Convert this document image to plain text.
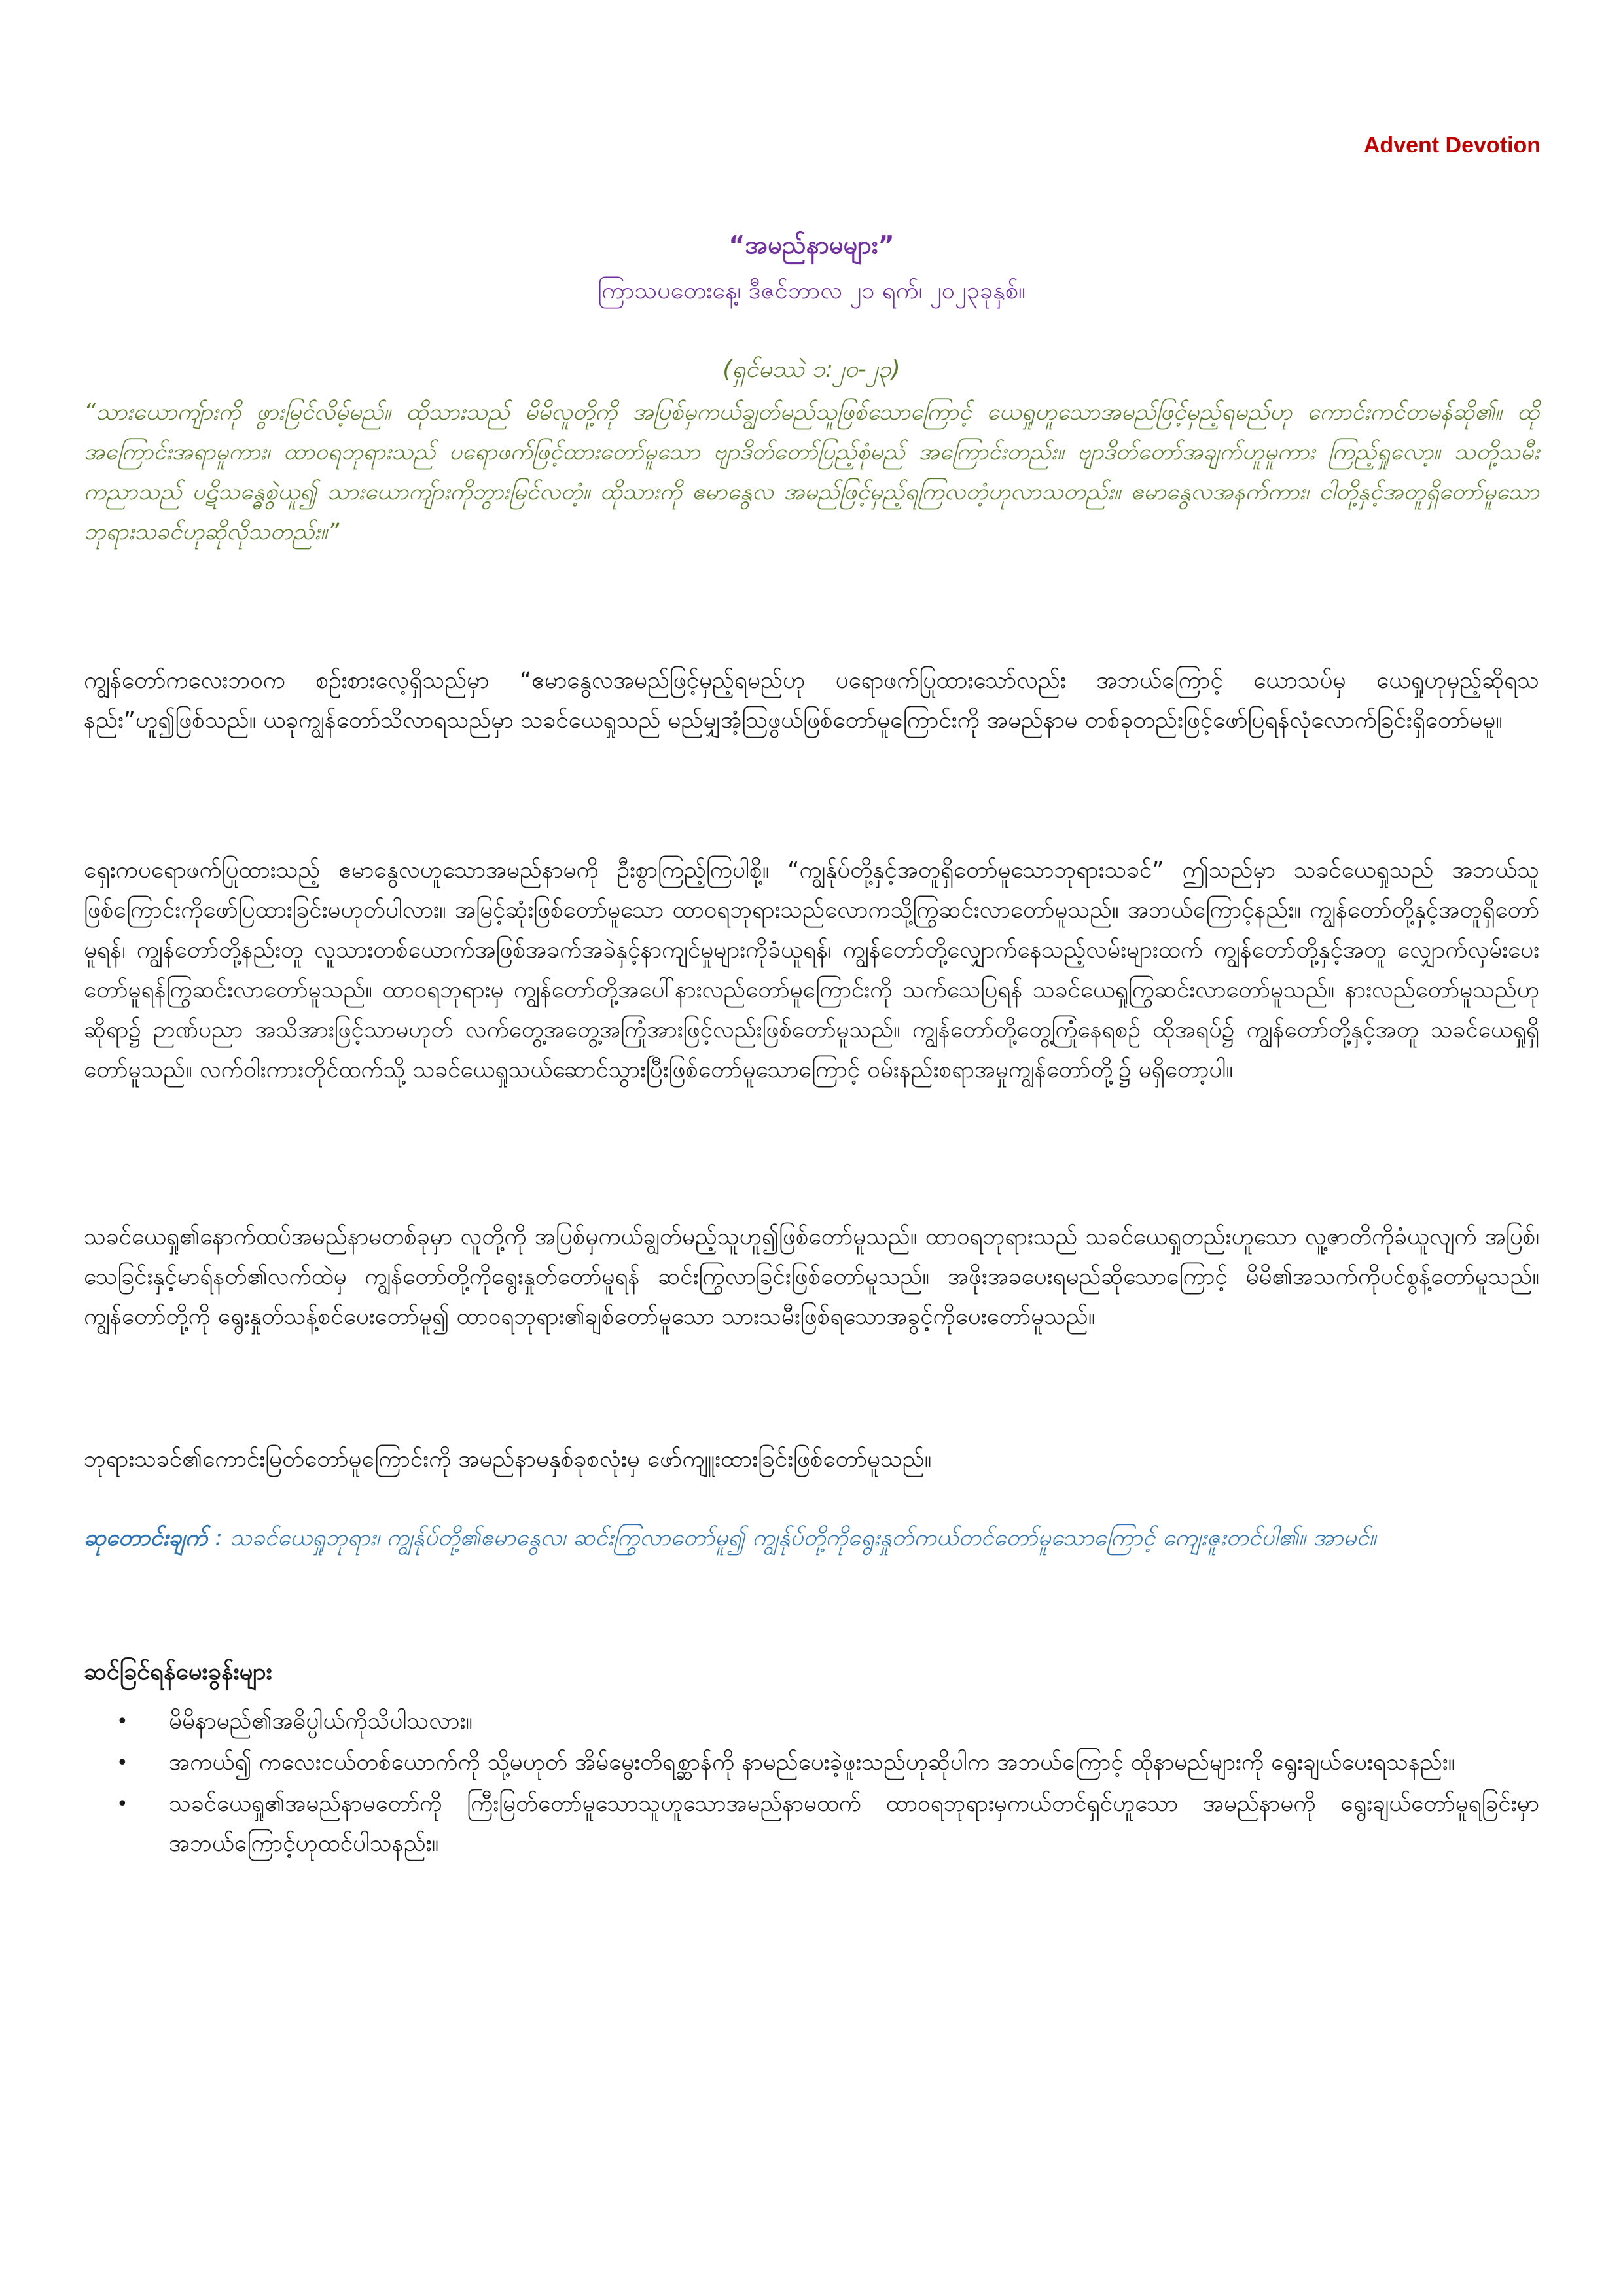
Advent Devotion
“အမည်နာမများ”
ကြာသပတေးနေ့၊ ဒီဇင်ဘာလ ၂၁ ရက်၊ ၂၀၂၃ခုနှစ်။
(ရှင်မဿဲ ၁:၂၀-၂၃)
“သားယောကျ်ားကို ဖွားမြင်လိမ့်မည်။ ထိုသားသည် မိမိလူတို့ကို အပြစ်မှကယ်ချွတ်မည်သူဖြစ်သောကြောင့် ယေရှုဟူသောအမည်ဖြင့်မှည့်ရမည်ဟု ကောင်းကင်တမန်ဆို၏။ ထိုအကြောင်းအရာမူကား၊ ထာဝရဘုရားသည် ပရောဖက်ဖြင့်ထားတော်မူသော ဗျာဒိတ်တော်ပြည့်စုံမည် အကြောင်းတည်း။ ဗျာဒိတ်တော်အချက်ဟူမူကား ကြည့်ရှုလော့။ သတို့သမီးကညာသည် ပဋိသန္ဓေစွဲယူ၍ သားယောကျ်ားကိုဘွားမြင်လတံ့။ ထိုသားကို ဧမာနွေလ အမည်ဖြင့်မှည့်ရကြလတံ့ဟုလာသတည်း။ ဧမာနွေလအနက်ကား၊ ငါတို့နှင့်အတူရှိတော်မူသော ဘုရားသခင်ဟုဆိုလိုသတည်း။”
ကျွန်တော်ကလေးဘဝက စဉ်းစားလေ့ရှိသည်မှာ “ဧမာနွေလအမည်ဖြင့်မှည့်ရမည်ဟု ပရောဖက်ပြုထားသော်လည်း အဘယ်ကြောင့် ယောသပ်မှ ယေရှုဟုမှည့်ဆိုရသနည်း”ဟူ၍ဖြစ်သည်။ ယခုကျွန်တော်သိလာရသည်မှာ သခင်ယေရှုသည် မည်မျှအံ့သြဖွယ်ဖြစ်တော်မူကြောင်းကို အမည်နာမ တစ်ခုတည်းဖြင့်ဖော်ပြရန်လုံလောက်ခြင်းရှိတော်မမူ။
ရှေးကပရောဖက်ပြုထားသည့် ဧမာနွေလဟူသောအမည်နာမကို ဦးစွာကြည့်ကြပါစို့။ “ကျွန်ုပ်တို့နှင့်အတူရှိတော်မူသောဘုရားသခင်” ဤသည်မှာ သခင်ယေရှုသည် အဘယ်သူဖြစ်ကြောင်းကိုဖော်ပြထားခြင်းမဟုတ်ပါလား။ အမြင့်ဆုံးဖြစ်တော်မူသော ထာဝရဘုရားသည်လောကသို့ကြွဆင်းလာတော်မူသည်။ အဘယ်ကြောင့်နည်း။ ကျွန်တော်တို့နှင့်အတူရှိတော်မူရန်၊ ကျွန်တော်တို့နည်းတူ လူသားတစ်ယောက်အဖြစ်အခက်အခဲနှင့်နာကျင်မှုများကိုခံယူရန်၊ ကျွန်တော်တို့လျှောက်နေသည့်လမ်းများထက် ကျွန်တော်တို့နှင့်အတူ လျှောက်လှမ်းပေးတော်မူရန်ကြွဆင်းလာတော်မူသည်။ ထာဝရဘုရားမှ ကျွန်တော်တို့အပေါ်နားလည်တော်မူကြောင်းကို သက်သေပြရန် သခင်ယေရှုကြွဆင်းလာတော်မူသည်။ နားလည်တော်မူသည်ဟုဆိုရာ၌ ဉာဏ်ပညာ အသိအားဖြင့်သာမဟုတ် လက်တွေ့အတွေ့အကြုံအားဖြင့်လည်းဖြစ်တော်မူသည်။ ကျွန်တော်တို့တွေ့ကြုံနေရစဉ် ထိုအရပ်၌ ကျွန်တော်တို့နှင့်အတူ သခင်ယေရှုရှိတော်မူသည်။ လက်ဝါးကားတိုင်ထက်သို့ သခင်ယေရှုသယ်ဆောင်သွားပြီးဖြစ်တော်မူသောကြောင့် ဝမ်းနည်းစရာအမှုကျွန်တော်တို့၌ မရှိတော့ပါ။
သခင်ယေရှု၏နောက်ထပ်အမည်နာမတစ်ခုမှာ လူတို့ကို အပြစ်မှကယ်ချွတ်မည့်သူဟူ၍ဖြစ်တော်မူသည်။ ထာဝရဘုရားသည် သခင်ယေရှုတည်းဟူသော လူ့ဇာတိကိုခံယူလျက် အပြစ်၊ သေခြင်းနှင့်မာရ်နတ်၏လက်ထဲမှ ကျွန်တော်တို့ကိုရွေးနှုတ်တော်မူရန် ဆင်းကြွလာခြင်းဖြစ်တော်မူသည်။ အဖိုးအခပေးရမည်ဆိုသောကြောင့် မိမိ၏အသက်ကိုပင်စွန့်တော်မူသည်။ ကျွန်တော်တို့ကို ရွေးနှုတ်သန့်စင်ပေးတော်မူ၍ ထာဝရဘုရား၏ချစ်တော်မူသော သားသမီးဖြစ်ရသောအခွင့်ကိုပေးတော်မူသည်။
ဘုရားသခင်၏ကောင်းမြတ်တော်မူကြောင်းကို အမည်နာမနှစ်ခုစလုံးမှ ဖော်ကျူးထားခြင်းဖြစ်တော်မူသည်။
ဆုတောင်းချက် : သခင်ယေရှုဘုရား၊ ကျွန်ုပ်တို့၏ဧမာနွေလ၊ ဆင်းကြွလာတော်မူ၍ ကျွန်ုပ်တို့ကိုရွေးနှုတ်ကယ်တင်တော်မူသောကြောင့် ကျေးဇူးတင်ပါ၏။ အာမင်။
ဆင်ခြင်ရန်မေးခွန်းများ
• မိမိနာမည်၏အဓိပ္ပါယ်ကိုသိပါသလား။
• အကယ်၍ ကလေးငယ်တစ်ယောက်ကို သို့မဟုတ် အိမ်မွေးတိရစ္ဆာန်ကို နာမည်ပေးခဲ့ဖူးသည်ဟုဆိုပါက အဘယ်ကြောင့် ထိုနာမည်များကို ရွေးချယ်ပေးရသနည်း။
• သခင်ယေရှု၏အမည်နာမတော်ကို ကြီးမြတ်တော်မူသောသူဟူသောအမည်နာမထက် ထာဝရဘုရားမှကယ်တင်ရှင်ဟူသော အမည်နာမကို ရွေးချယ်တော်မူရခြင်းမှာ အဘယ်ကြောင့်ဟုထင်ပါသနည်း။
